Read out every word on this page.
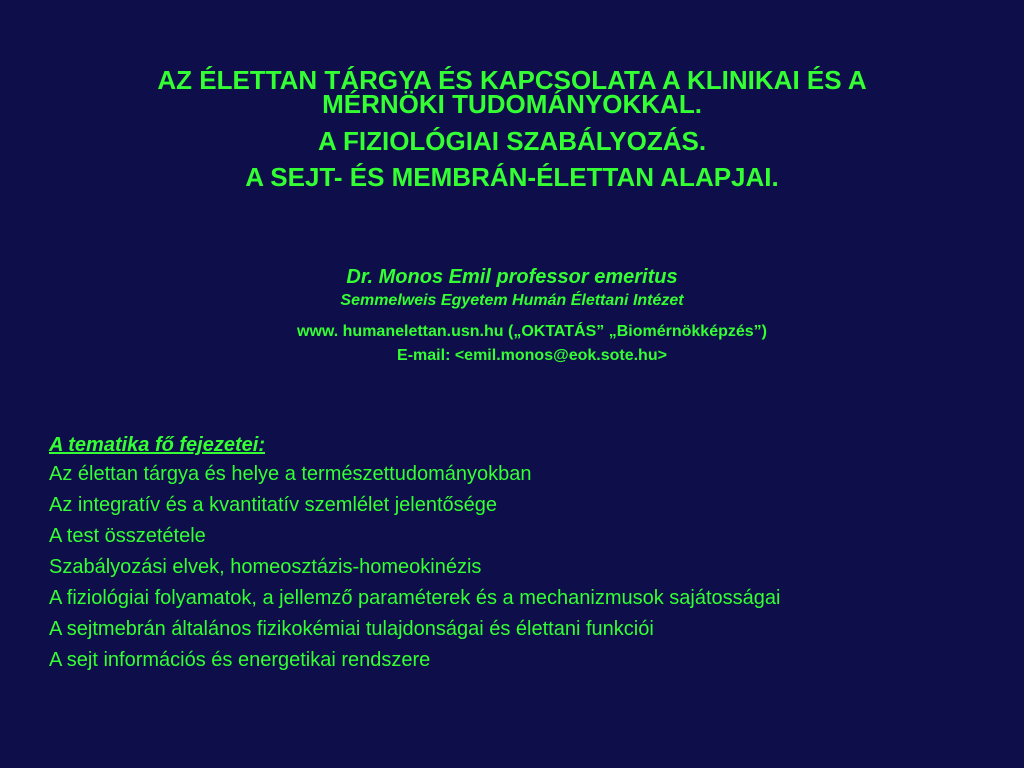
AZ ÉLETTAN TÁRGYA ÉS KAPCSOLATA A KLINIKAI ÉS A

MÉRNÖKI TUDOMÁNYOKKAL.

A FIZIOLÓGIAI SZABÁLYOZÁS.

A SEJT- ÉS MEMBRÁN-ÉLETTAN ALAPJAI.

Dr. Monos Emil professor emeritus

Semmelweis Egyetem Humán Élettani Intézet

www. humanelettan.usn.hu („OKTATÁS” „Biomérnökképzés”)

E-mail: <emil.monos@eok.sote.hu>

A tematika fő fejezetei:

Az élettan tárgya és helye a természettudományokban
Az integratív és a kvantitatív szemlélet jelentősége
A test összetétele
Szabályozási elvek, homeosztázis-homeokinézis
A fiziológiai folyamatok, a jellemző paraméterek és a mechanizmusok sajátosságai
A sejtmebrán általános fizikokémiai tulajdonságai és élettani funkciói
A sejt információs és energetikai rendszere
